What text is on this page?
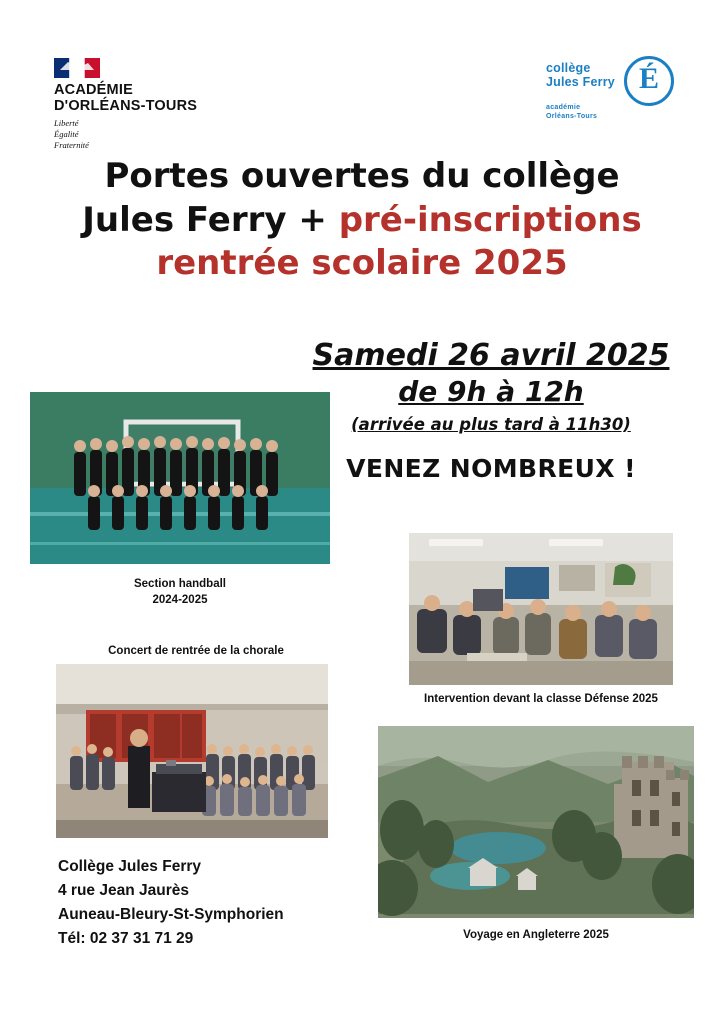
ACADÉMIE
D'ORLÉANS-TOURS
Liberté
Égalité
Fraternité
collège
Jules Ferry É
académie
Orléans-Tours
Portes ouvertes du collège
Jules Ferry + pré-inscriptions
rentrée scolaire 2025
Samedi 26 avril 2025
de 9h à 12h
(arrivée au plus tard à 11h30)
VENEZ NOMBREUX !
Section handball
2024-2025
Concert de rentrée de la chorale
Intervention devant la classe Défense 2025
Voyage en Angleterre 2025
Collège Jules Ferry
4 rue Jean Jaurès
Auneau-Bleury-St-Symphorien
Tél: 02 37 31 71 29
